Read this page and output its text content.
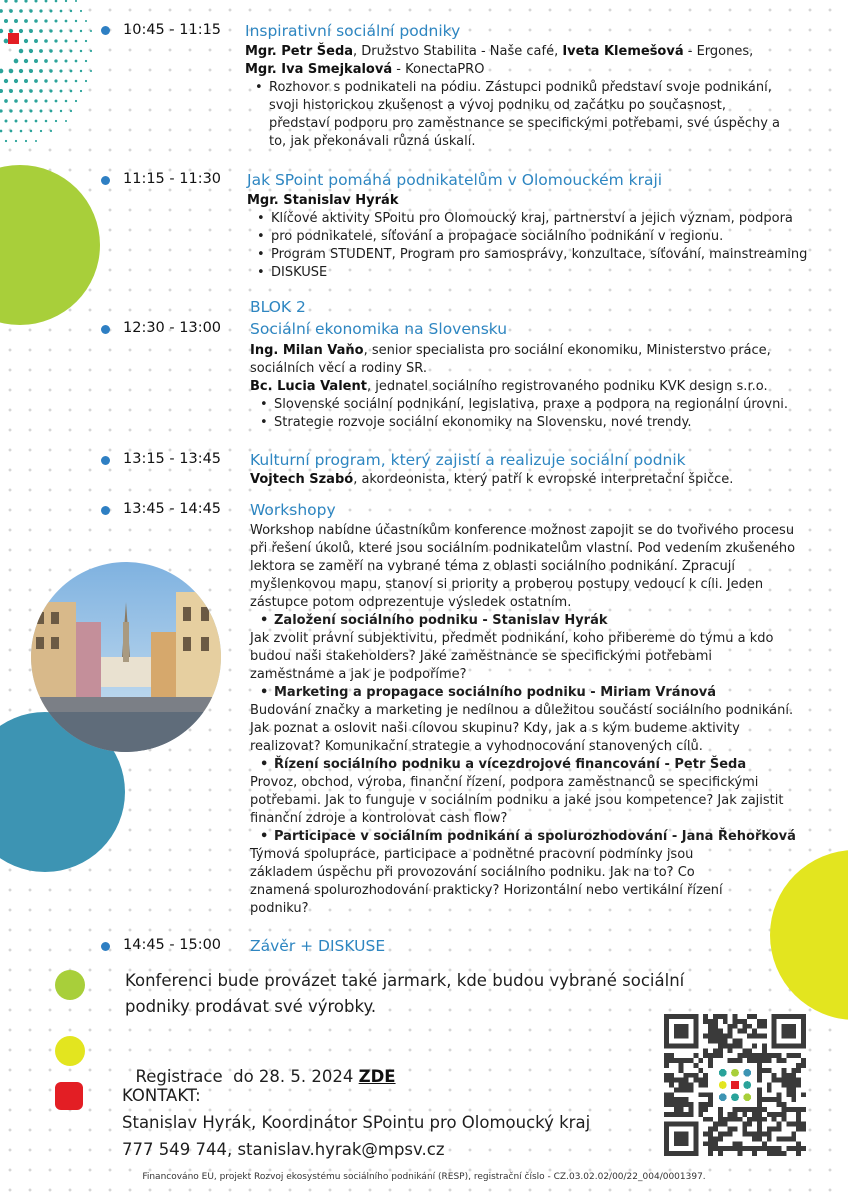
10:45 - 11:15 Inspirativní sociální podniky
Mgr. Petr Šeda, Družstvo Stabilita - Naše café, Iveta Klemešová - Ergones,
Mgr. Iva Smejkalová - KonectaPRO
• Rozhovor s podnikateli na pódiu. Zástupci podniků představí svoje podnikání, svoji historickou zkušenost a vývoj podniku od začátku po současnost, představí podporu pro zaměstnance se specifickými potřebami, své úspěchy a to, jak překonávali různá úskalí.
11:15 - 11:30 Jak SPoint pomáhá podnikatelům v Olomouckém kraji
Mgr. Stanislav Hyrák
• Klíčové aktivity SPoitu pro Olomoucký kraj, partnerství a jejich význam, podpora
• pro podnikatele, síťování a propagace sociálního podnikání v regionu.
• Program STUDENT, Program pro samosprávy, konzultace, síťování, mainstreaming
• DISKUSE
BLOK 2
12:30 - 13:00 Sociální ekonomika na Slovensku
Ing. Milan Vaňo, senior specialista pro sociální ekonomiku, Ministerstvo práce, sociálních věcí a rodiny SR.
Bc. Lucia Valent, jednatel sociálního registrovaného podniku KVK design s.r.o.
• Slovenské sociální podnikání, legislativa, praxe a podpora na regionální úrovni.
• Strategie rozvoje sociální ekonomiky na Slovensku, nové trendy.
13:15 - 13:45 Kulturní program, který zajistí a realizuje sociální podnik
Vojtech Szabó, akordeonista, který patří k evropské interpretační špičce.
13:45 - 14:45 Workshopy
Workshop nabídne účastníkům konference možnost zapojit se do tvořivého procesu při řešení úkolů, které jsou sociálním podnikatelům vlastní. Pod vedením zkušeného lektora se zaměří na vybrané téma z oblasti sociálního podnikání. Zpracují myšlenkovou mapu, stanoví si priority a proberou postupy vedoucí k cíli. Jeden zástupce potom odprezentuje výsledek ostatním.
• Založení sociálního podniku - Stanislav Hyrák
Jak zvolit právní subjektivitu, předmět podnikání, koho přibereme do týmu a kdo budou naši stakeholders? Jaké zaměstnance se specifickými potřebami zaměstnáme a jak je podpoříme?
• Marketing a propagace sociálního podniku - Miriam Vránová
Budování značky a marketing je nedílnou a důležitou součástí sociálního podnikání. Jak poznat a oslovit naši cílovou skupinu? Kdy, jak a s kým budeme aktivity realizovat? Komunikační strategie a vyhodnocování stanovených cílů.
• Řízení sociálního podniku a vícezdrojové financování - Petr Šeda
Provoz, obchod, výroba, finanční řízení, podpora zaměstnanců se specifickými potřebami. Jak to funguje v sociálním podniku a jaké jsou kompetence? Jak zajistit finanční zdroje a kontrolovat cash flow?
• Participace v sociálním podnikání a spolurozhodování - Jana Řehořková
Týmová spolupráce, participace a podnětné pracovní podmínky jsou základem úspěchu při provozování sociálního podniku. Jak na to? Co znamená spolurozhodování prakticky? Horizontální nebo vertikální řízení podniku?
14:45 - 15:00 Závěr + DISKUSE
Konferenci bude provázet také jarmark, kde budou vybrané sociální
podniky prodávat své výrobky.

Registrace  do 28. 5. 2024 ZDE

KONTAKT:
Stanislav Hyrák, Koordinátor SPointu pro Olomoucký kraj
777 549 744, stanislav.hyrak@mpsv.cz
Financováno EU, projekt Rozvoj ekosystému sociálního podnikání (RESP), registrační číslo - CZ.03.02.02/00/22_004/0001397.
